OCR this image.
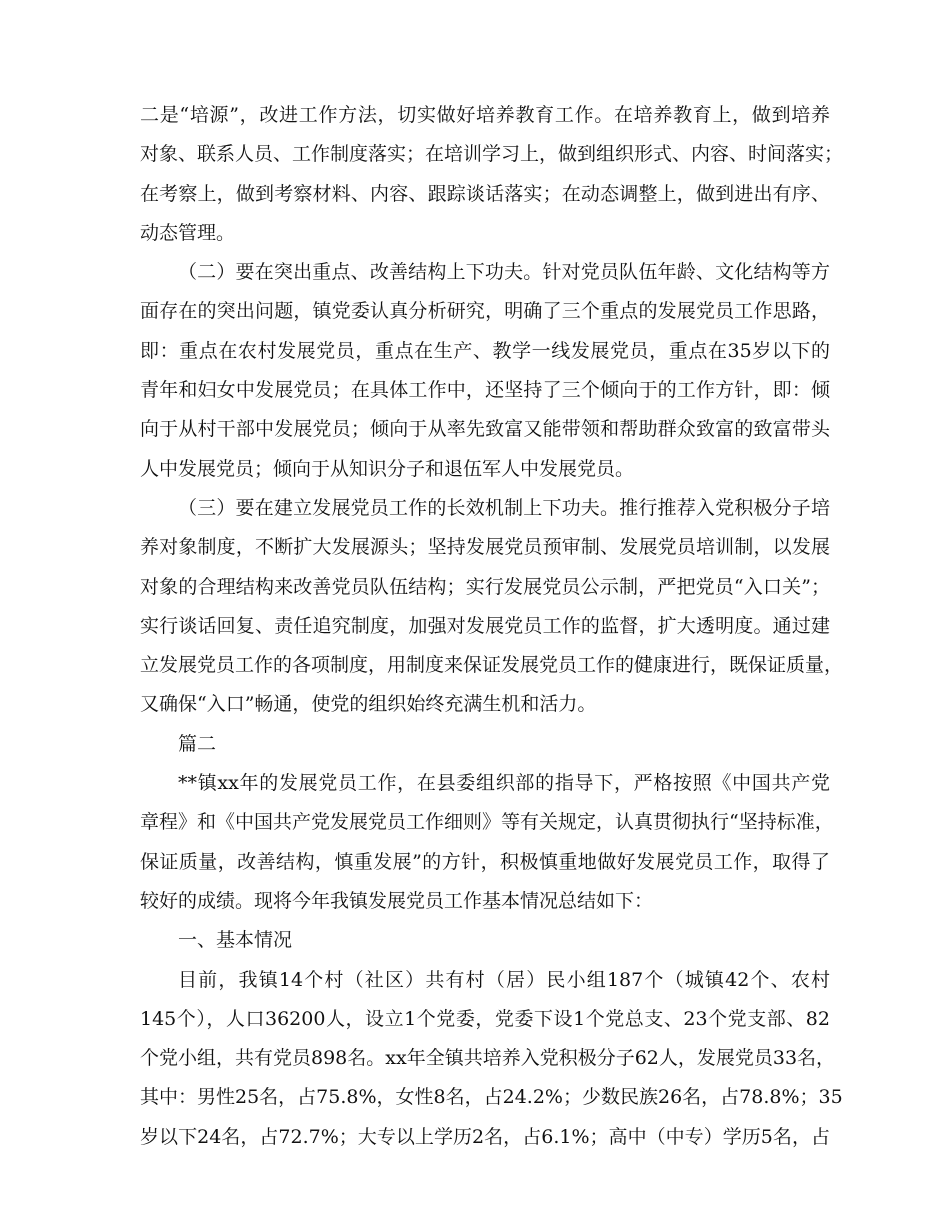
二是“培源”，改进工作方法，切实做好培养教育工作。在培养教育上，做到培养

对象、联系人员、工作制度落实；在培训学习上，做到组织形式、内容、时间落实；

在考察上，做到考察材料、内容、跟踪谈话落实；在动态调整上，做到进出有序、

动态管理。

（二）要在突出重点、改善结构上下功夫。针对党员队伍年龄、文化结构等方

面存在的突出问题，镇党委认真分析研究，明确了三个重点的发展党员工作思路，

即：重点在农村发展党员，重点在生产、教学一线发展党员，重点在35岁以下的

青年和妇女中发展党员；在具体工作中，还坚持了三个倾向于的工作方针，即：倾

向于从村干部中发展党员；倾向于从率先致富又能带领和帮助群众致富的致富带头

人中发展党员；倾向于从知识分子和退伍军人中发展党员。

（三）要在建立发展党员工作的长效机制上下功夫。推行推荐入党积极分子培

养对象制度，不断扩大发展源头；坚持发展党员预审制、发展党员培训制，以发展

对象的合理结构来改善党员队伍结构；实行发展党员公示制，严把党员“入口关”；

实行谈话回复、责任追究制度，加强对发展党员工作的监督，扩大透明度。通过建

立发展党员工作的各项制度，用制度来保证发展党员工作的健康进行，既保证质量，

又确保“入口”畅通，使党的组织始终充满生机和活力。

篇二

**镇xx年的发展党员工作，在县委组织部的指导下，严格按照《中国共产党

章程》和《中国共产党发展党员工作细则》等有关规定，认真贯彻执行“坚持标准，

保证质量，改善结构，慎重发展”的方针，积极慎重地做好发展党员工作，取得了

较好的成绩。现将今年我镇发展党员工作基本情况总结如下：

一、基本情况

目前，我镇14个村（社区）共有村（居）民小组187个（城镇42个、农村

145个），人口36200人，设立1个党委，党委下设1个党总支、23个党支部、82

个党小组，共有党员898名。xx年全镇共培养入党积极分子62人，发展党员33名，

其中：男性25名，占75.8%，女性8名，占24.2%；少数民族26名，占78.8%；35

岁以下24名，占72.7%；大专以上学历2名，占6.1%；高中（中专）学历5名，占
